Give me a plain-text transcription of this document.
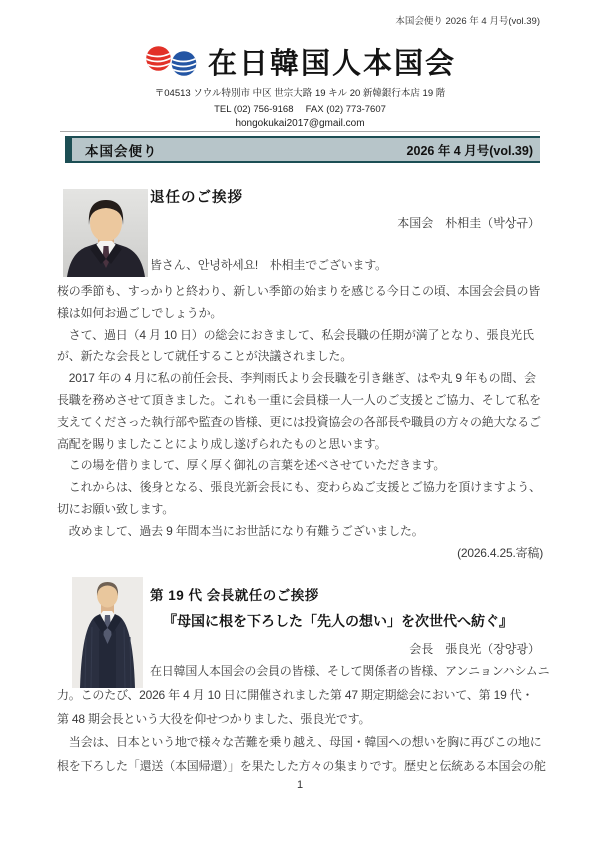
本国会便り 2026 年 4 月号(vol.39)
在日韓国人本国会
〒04513 ソウル特別市 中区 世宗大路 19 キル 20 新韓銀行本店 19 階
TEL (02) 756-9168　 FAX (02) 773-7607
hongokukai2017@gmail.com
本国会便り	2026 年 4 月号(vol.39)
退任のご挨拶
本国会　朴相圭（박상규）
皆さん、안녕하세요!　朴相圭でございます。
桜の季節も、すっかりと終わり、新しい季節の始まりを感じる今日この頃、本国会会員の皆
様は如何お過ごしでしょうか。
　さて、過日（4 月 10 日）の総会におきまして、私会長職の任期が満了となり、張良光氏
が、新たな会長として就任することが決議されました。
　2017 年の 4 月に私の前任会長、李判雨氏より会長職を引き継ぎ、はや丸 9 年もの間、会
長職を務めさせて頂きました。これも一重に会員様一人一人のご支援とご協力、そして私を
支えてくださった執行部や監査の皆様、更には投資協会の各部長や職員の方々の絶大なるご
高配を賜りましたことにより成し遂げられたものと思います。
　この場を借りまして、厚く厚く御礼の言葉を述べさせていただきます。
　これからは、後身となる、張良光新会長にも、変わらぬご支援とご協力を頂けますよう、
切にお願い致します。
　改めまして、過去 9 年間本当にお世話になり有難うございました。
(2026.4.25.寄稿)
第 19 代 会長就任のご挨拶
『母国に根を下ろした「先人の想い」を次世代へ紡ぐ』
会長　張良光（장양광）
在日韓国人本国会の会員の皆様、そして関係者の皆様、アンニョンハシムニ
力。このたび、2026 年 4 月 10 日に開催されました第 47 期定期総会において、第 19 代・
第 48 期会長という大役を仰せつかりました、張良光です。
　当会は、日本という地で様々な苦難を乗り越え、母国・韓国への想いを胸に再びこの地に
根を下ろした「還送（本国帰還）」を果たした方々の集まりです。歴史と伝統ある本国会の舵
1
